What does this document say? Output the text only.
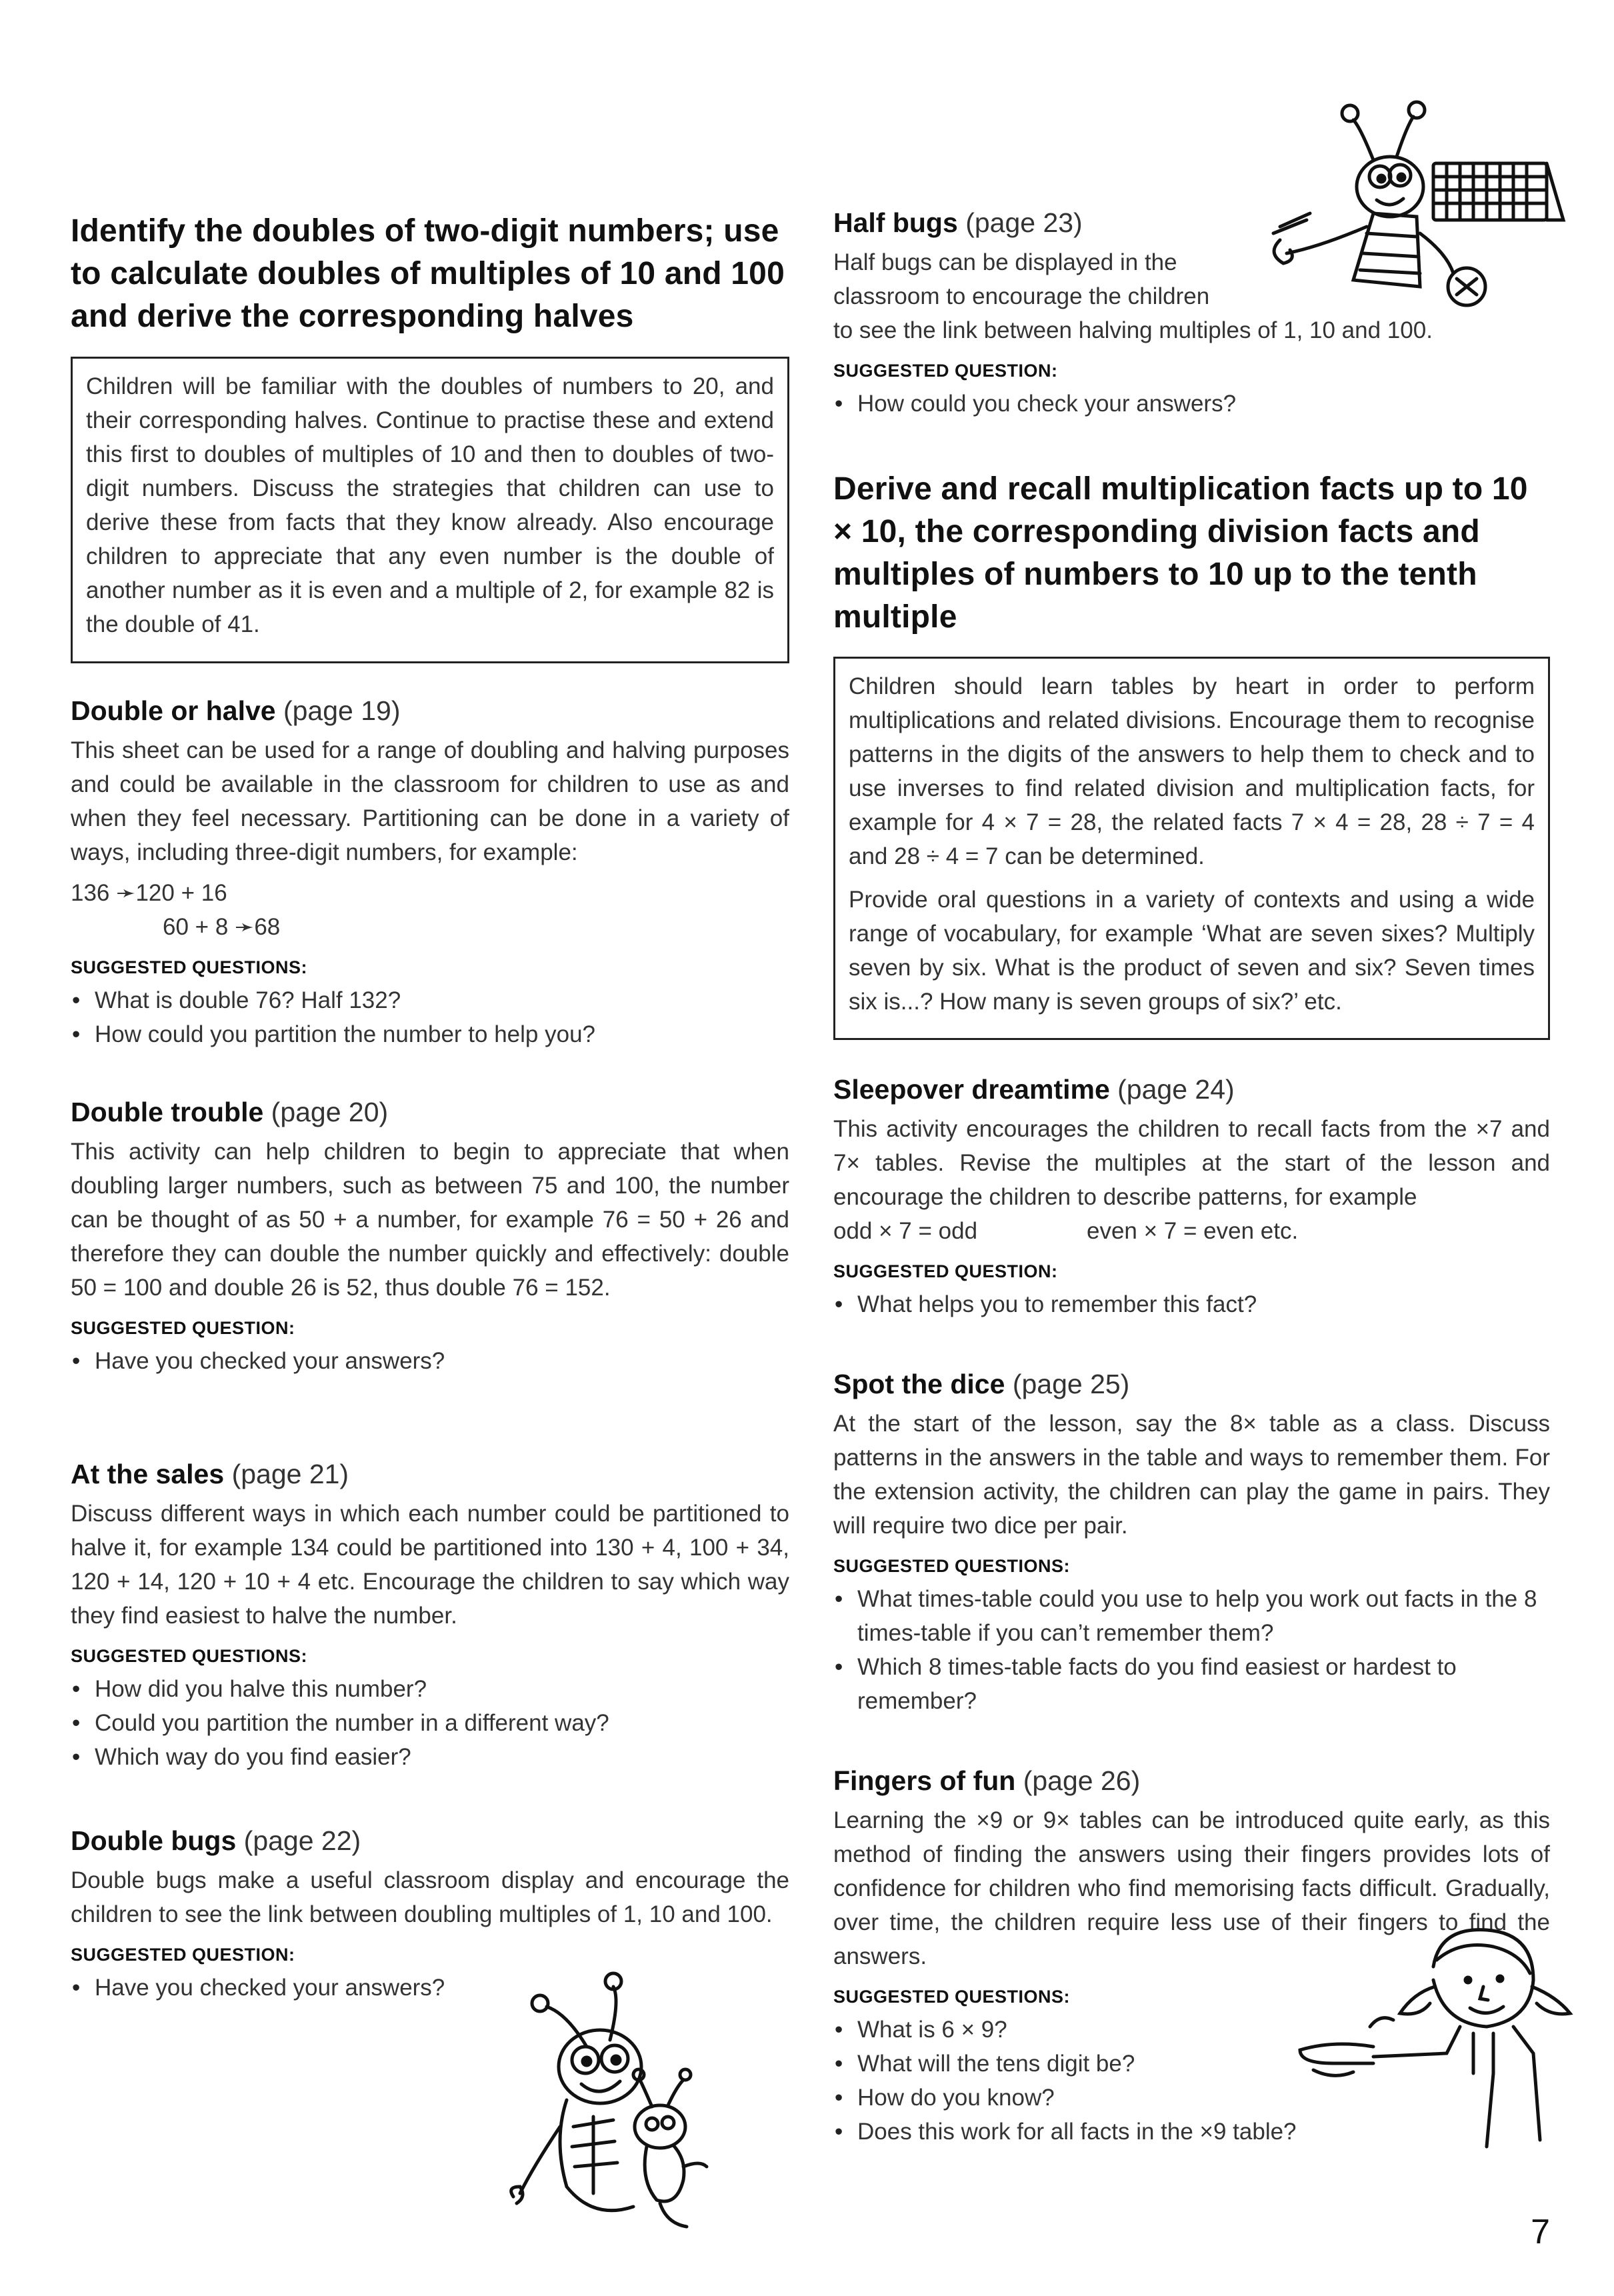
Identify the doubles of two-digit numbers; use to calculate doubles of multiples of 10 and 100 and derive the corresponding halves

Children will be familiar with the doubles of numbers to 20, and their corresponding halves. Continue to practise these and extend this first to doubles of multiples of 10 and then to doubles of two-digit numbers. Discuss the strategies that children can use to derive these from facts that they know already. Also encourage children to appreciate that any even number is the double of another number as it is even and a multiple of 2, for example 82 is the double of 41.

Double or halve (page 19)

This sheet can be used for a range of doubling and halving purposes and could be available in the classroom for children to use as and when they feel necessary. Partitioning can be done in a variety of ways, including three-digit numbers, for example:

136 ➛120 + 16
60 + 8 ➛68
SUGGESTED QUESTIONS:
• What is double 76? Half 132?
• How could you partition the number to help you?

Double trouble (page 20)

This activity can help children to begin to appreciate that when doubling larger numbers, such as between 75 and 100, the number can be thought of as 50 + a number, for example 76 = 50 + 26 and therefore they can double the number quickly and effectively: double 50 = 100 and double 26 is 52, thus double 76 = 152.

SUGGESTED QUESTION:
• Have you checked your answers?

At the sales (page 21)

Discuss different ways in which each number could be partitioned to halve it, for example 134 could be partitioned into 130 + 4, 100 + 34, 120 + 14, 120 + 10 + 4 etc. Encourage the children to say which way they find easiest to halve the number.

SUGGESTED QUESTIONS:
• How did you halve this number?
• Could you partition the number in a different way?
• Which way do you find easier?

Double bugs (page 22)

Double bugs make a useful classroom display and encourage the children to see the link between doubling multiples of 1, 10 and 100.

SUGGESTED QUESTION:
• Have you checked your answers?

Half bugs (page 23)

Half bugs can be displayed in the
classroom to encourage the children
to see the link between halving multiples of 1, 10 and 100.
SUGGESTED QUESTION:
• How could you check your answers?
Derive and recall multiplication facts up to 10 × 10, the corresponding division facts and multiples of numbers to 10 up to the tenth multiple

Children should learn tables by heart in order to perform multiplications and related divisions. Encourage them to recognise patterns in the digits of the answers to help them to check and to use inverses to find related division and multiplication facts, for example for 4 × 7 = 28, the related facts 7 × 4 = 28, 28 ÷ 7 = 4 and 28 ÷ 4 = 7 can be determined.

Provide oral questions in a variety of contexts and using a wide range of vocabulary, for example ‘What are seven sixes? Multiply seven by six. What is the product of seven and six? Seven times six is...? How many is seven groups of six?’ etc.

Sleepover dreamtime (page 24)

This activity encourages the children to recall facts from the ×7 and 7× tables. Revise the multiples at the start of the lesson and encourage the children to describe patterns, for example

odd × 7 = odd	even × 7 = even etc.
SUGGESTED QUESTION:
• What helps you to remember this fact?

Spot the dice (page 25)

At the start of the lesson, say the 8× table as a class. Discuss patterns in the answers in the table and ways to remember them. For the extension activity, the children can play the game in pairs. They will require two dice per pair.

SUGGESTED QUESTIONS:
• What times-table could you use to help you work out facts in the 8 times-table if you can’t remember them?
• Which 8 times-table facts do you find easiest or hardest to remember?

Fingers of fun (page 26)

Learning the ×9 or 9× tables can be introduced quite early, as this method of finding the answers using their fingers provides lots of confidence for children who find memorising facts difficult. Gradually, over time, the children require less use of their fingers to find the answers.

SUGGESTED QUESTIONS:
• What is 6 × 9?
• What will the tens digit be?
• How do you know?
• Does this work for all facts in the ×9 table?
7
